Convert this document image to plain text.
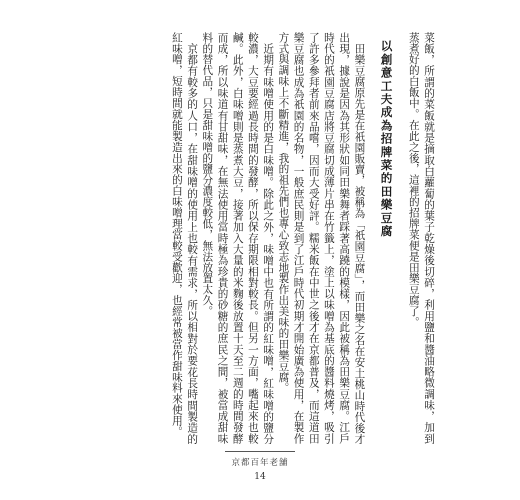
菜飯，所謂的菜飯就是摘取白蘿蔔的葉子乾燥後切碎，利用鹽和醬油略微調味，加到蒸煮好的白飯中。在此之後，這裡的招牌菜便是田樂豆腐了。

以創意工夫成為招牌菜的田樂豆腐

田樂豆腐原先是在祇園販賣，被稱為「祇園豆腐」，而田樂之名在安土桃山時代後才出現，據說是因為其形狀如同田樂舞者踩著高蹺的模樣，因此被稱為田樂豆腐。江戶時代的祇園豆腐店將豆腐切成薄片串在竹籤上，塗上以味噌為基底的醬料燒烤，吸引了許多參拜者前來品嚐，因而大受好評。糯米飯在中世之後才在京都普及，而這道田樂豆腐也成為祇園的名物，一般庶民則是到了江戶時代初期才開始廣為使用，在製作方式與調味上不斷精進，我的祖先們也專心致志地製作出美味的田樂豆腐。

近期有味噌使用的是白味噌。除此之外，味噌中也有所謂的紅味噌，紅味噌的鹽分較濃，大豆要經過長時間的發酵，所以保存期限相對較長。但另一方面，嘴起來也較鹹。此外，白味噌則是蒸煮大豆，接著加入大量的米麴後放置十天至二週的時間發酵而成，所以味道有甘甜味，在無法使用當時極為珍貴的砂糖的庶民之間，被當成甜味料的替代品，只是甜味噌的鹽分濃度較低，無法放置太久。

京都有較多的人口，在甜味噌的使用上也較有需求，所以相對於要花長時間製造的紅味噌，短時間就能製造出來的白味噌理當較受歡迎，也經常被當作甜味料來使用。

京都百年老舖
14
